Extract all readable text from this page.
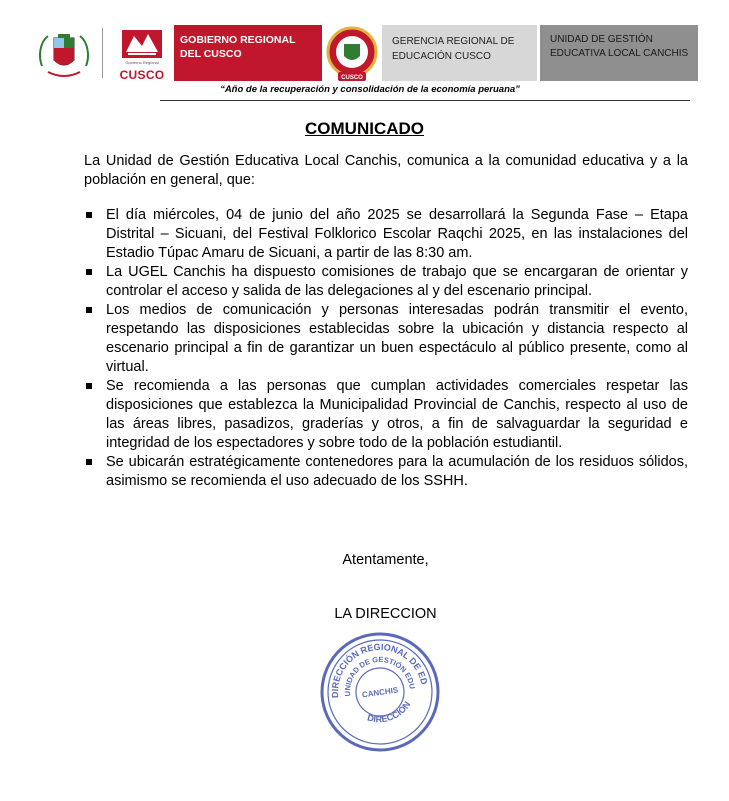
Gobierno Regional
CUSCO
GOBIERNO REGIONAL
DEL CUSCO
CUSCO
GERENCIA REGIONAL DE
EDUCACIÓN CUSCO
UNIDAD DE GESTIÓN
EDUCATIVA LOCAL CANCHIS
“Año de la recuperación y consolidación de la economía peruana”
COMUNICADO
La Unidad de Gestión Educativa Local Canchis, comunica a la comunidad educativa y a la población en general, que:
El día miércoles, 04 de junio del año 2025 se desarrollará la Segunda Fase – Etapa Distrital – Sicuani, del Festival Folklorico Escolar Raqchi 2025, en las instalaciones del Estadio Túpac Amaru de Sicuani, a partir de las 8:30 am.
La UGEL Canchis ha dispuesto comisiones de trabajo que se encargaran de orientar y controlar el acceso y salida de las delegaciones al y del escenario principal.
Los medios de comunicación y personas interesadas podrán transmitir el evento, respetando las disposiciones establecidas sobre la ubicación y distancia respecto al escenario principal a fin de garantizar un buen espectáculo al público presente, como al virtual.
Se recomienda a las personas que cumplan actividades comerciales respetar las disposiciones que establezca la Municipalidad Provincial de Canchis, respecto al uso de las áreas libres, pasadizos, graderías y otros, a fin de salvaguardar la seguridad e integridad de los espectadores y sobre todo de la población estudiantil.
Se ubicarán estratégicamente contenedores para la acumulación de los residuos sólidos, asimismo se recomienda el uso adecuado de los SSHH.
Atentamente,
LA DIRECCION
DIRECCIÓN REGIONAL DE EDUCACIÓN
UNIDAD DE GESTIÓN EDUCATIVA
CANCHIS
DIRECCIÓN
